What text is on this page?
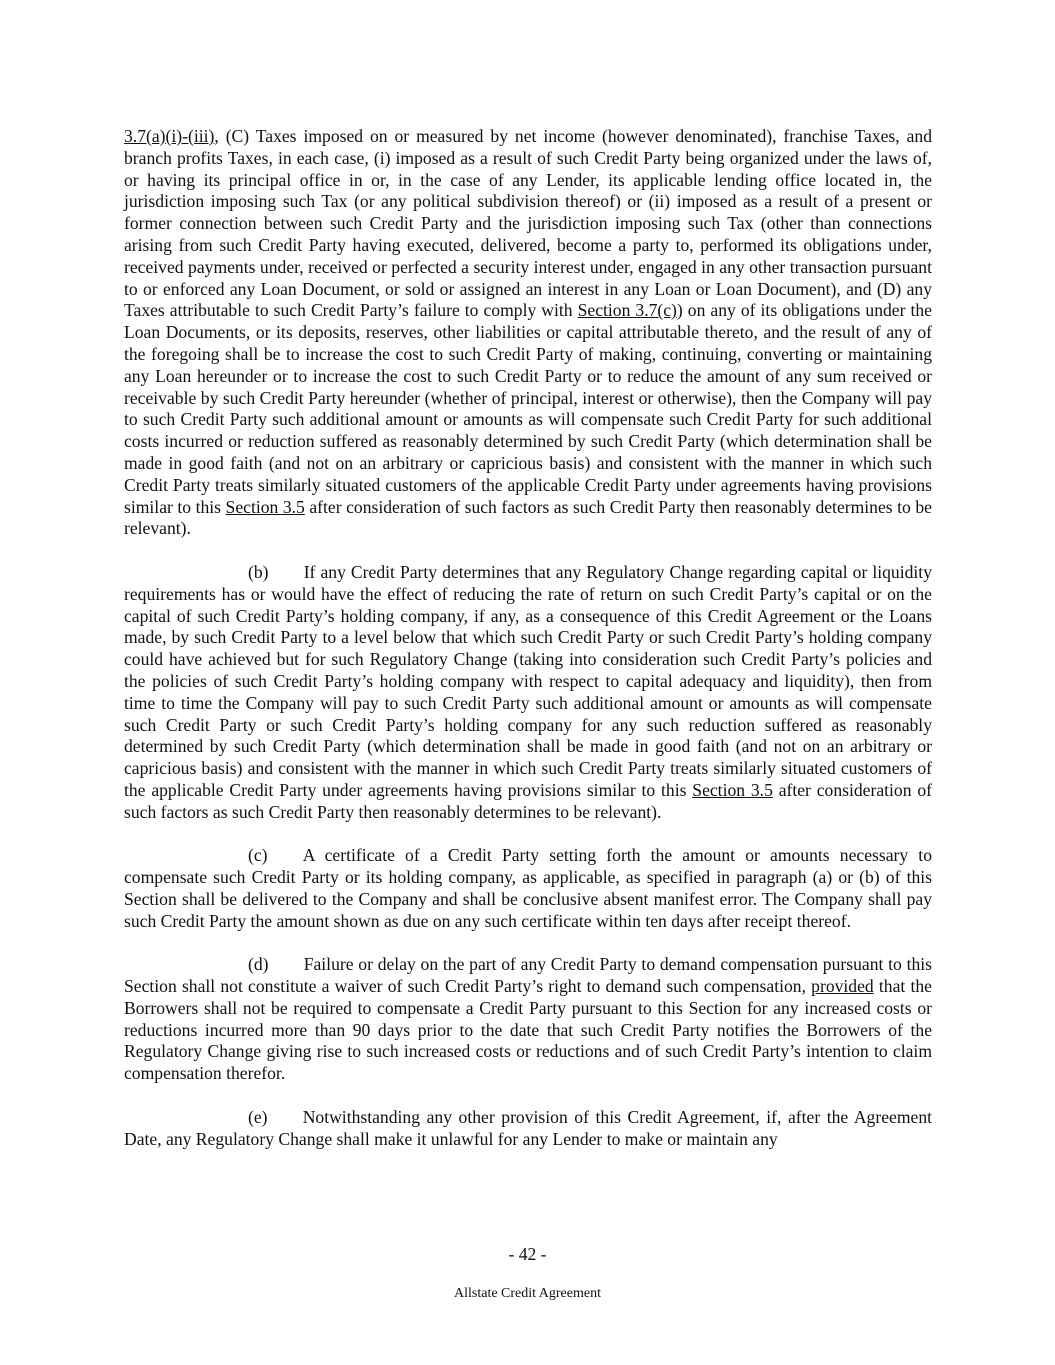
3.7(a)(i)-(iii), (C) Taxes imposed on or measured by net income (however denominated), franchise Taxes, and branch profits Taxes, in each case, (i) imposed as a result of such Credit Party being organized under the laws of, or having its principal office in or, in the case of any Lender, its applicable lending office located in, the jurisdiction imposing such Tax (or any political subdivision thereof) or (ii) imposed as a result of a present or former connection between such Credit Party and the jurisdiction imposing such Tax (other than connections arising from such Credit Party having executed, delivered, become a party to, performed its obligations under, received payments under, received or perfected a security interest under, engaged in any other transaction pursuant to or enforced any Loan Document, or sold or assigned an interest in any Loan or Loan Document), and (D) any Taxes attributable to such Credit Party’s failure to comply with Section 3.7(c)) on any of its obligations under the Loan Documents, or its deposits, reserves, other liabilities or capital attributable thereto, and the result of any of the foregoing shall be to increase the cost to such Credit Party of making, continuing, converting or maintaining any Loan hereunder or to increase the cost to such Credit Party or to reduce the amount of any sum received or receivable by such Credit Party hereunder (whether of principal, interest or otherwise), then the Company will pay to such Credit Party such additional amount or amounts as will compensate such Credit Party for such additional costs incurred or reduction suffered as reasonably determined by such Credit Party (which determination shall be made in good faith (and not on an arbitrary or capricious basis) and consistent with the manner in which such Credit Party treats similarly situated customers of the applicable Credit Party under agreements having provisions similar to this Section 3.5 after consideration of such factors as such Credit Party then reasonably determines to be relevant).

(b)  If any Credit Party determines that any Regulatory Change regarding capital or liquidity requirements has or would have the effect of reducing the rate of return on such Credit Party’s capital or on the capital of such Credit Party’s holding company, if any, as a consequence of this Credit Agreement or the Loans made, by such Credit Party to a level below that which such Credit Party or such Credit Party’s holding company could have achieved but for such Regulatory Change (taking into consideration such Credit Party’s policies and the policies of such Credit Party’s holding company with respect to capital adequacy and liquidity), then from time to time the Company will pay to such Credit Party such additional amount or amounts as will compensate such Credit Party or such Credit Party’s holding company for any such reduction suffered as reasonably determined by such Credit Party (which determination shall be made in good faith (and not on an arbitrary or capricious basis) and consistent with the manner in which such Credit Party treats similarly situated customers of the applicable Credit Party under agreements having provisions similar to this Section 3.5 after consideration of such factors as such Credit Party then reasonably determines to be relevant).

(c)  A certificate of a Credit Party setting forth the amount or amounts necessary to compensate such Credit Party or its holding company, as applicable, as specified in paragraph (a) or (b) of this Section shall be delivered to the Company and shall be conclusive absent manifest error. The Company shall pay such Credit Party the amount shown as due on any such certificate within ten days after receipt thereof.

(d)  Failure or delay on the part of any Credit Party to demand compensation pursuant to this Section shall not constitute a waiver of such Credit Party’s right to demand such compensation, provided that the Borrowers shall not be required to compensate a Credit Party pursuant to this Section for any increased costs or reductions incurred more than 90 days prior to the date that such Credit Party notifies the Borrowers of the Regulatory Change giving rise to such increased costs or reductions and of such Credit Party’s intention to claim compensation therefor.

(e)  Notwithstanding any other provision of this Credit Agreement, if, after the Agreement Date, any Regulatory Change shall make it unlawful for any Lender to make or maintain any

- 42 -
Allstate Credit Agreement
